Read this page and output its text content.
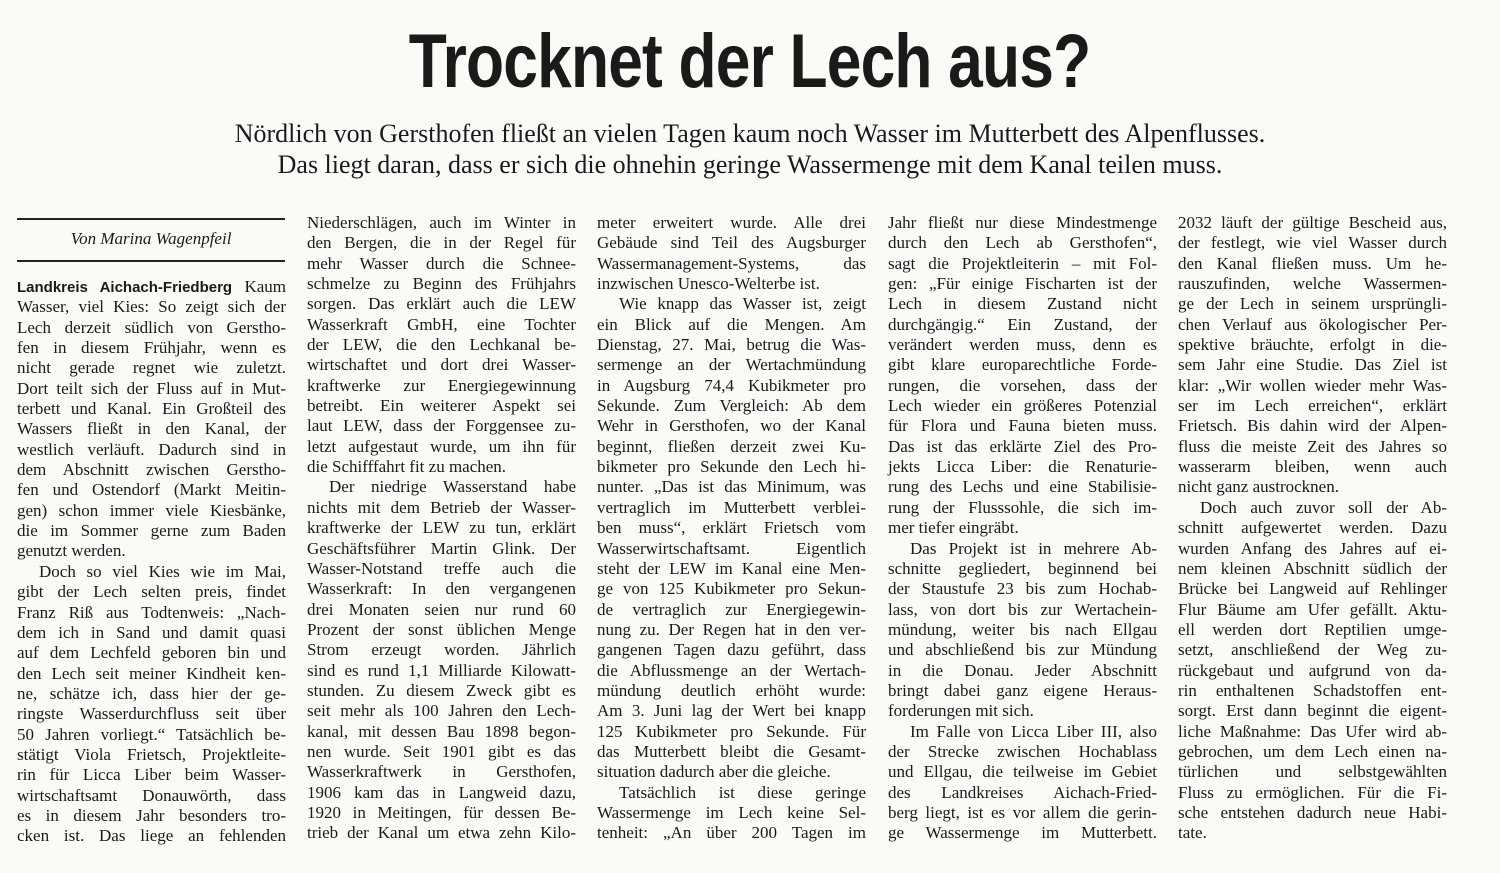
Trocknet der Lech aus?
Nördlich von Gersthofen fließt an vielen Tagen kaum noch Wasser im Mutterbett des Alpenflusses.
Das liegt daran, dass er sich die ohnehin geringe Wassermenge mit dem Kanal teilen muss.
Von Marina Wagenpfeil
Landkreis Aichach-Friedberg Kaum
Wasser, viel Kies: So zeigt sich der
Lech derzeit südlich von Gerstho-
fen in diesem Frühjahr, wenn es
nicht gerade regnet wie zuletzt.
Dort teilt sich der Fluss auf in Mut-
terbett und Kanal. Ein Großteil des
Wassers fließt in den Kanal, der
westlich verläuft. Dadurch sind in
dem Abschnitt zwischen Gerstho-
fen und Ostendorf (Markt Meitin-
gen) schon immer viele Kiesbänke,
die im Sommer gerne zum Baden
genutzt werden.
Doch so viel Kies wie im Mai,
gibt der Lech selten preis, findet
Franz Riß aus Todtenweis: „Nach-
dem ich in Sand und damit quasi
auf dem Lechfeld geboren bin und
den Lech seit meiner Kindheit ken-
ne, schätze ich, dass hier der ge-
ringste Wasserdurchfluss seit über
50 Jahren vorliegt.“ Tatsächlich be-
stätigt Viola Frietsch, Projektleite-
rin für Licca Liber beim Wasser-
wirtschaftsamt Donauwörth, dass
es in diesem Jahr besonders tro-
cken ist. Das liege an fehlenden
Niederschlägen, auch im Winter in
den Bergen, die in der Regel für
mehr Wasser durch die Schnee-
schmelze zu Beginn des Frühjahrs
sorgen. Das erklärt auch die LEW
Wasserkraft GmbH, eine Tochter
der LEW, die den Lechkanal be-
wirtschaftet und dort drei Wasser-
kraftwerke zur Energiegewinnung
betreibt. Ein weiterer Aspekt sei
laut LEW, dass der Forggensee zu-
letzt aufgestaut wurde, um ihn für
die Schifffahrt fit zu machen.
Der niedrige Wasserstand habe
nichts mit dem Betrieb der Wasser-
kraftwerke der LEW zu tun, erklärt
Geschäftsführer Martin Glink. Der
Wasser-Notstand treffe auch die
Wasserkraft: In den vergangenen
drei Monaten seien nur rund 60
Prozent der sonst üblichen Menge
Strom erzeugt worden. Jährlich
sind es rund 1,1 Milliarde Kilowatt-
stunden. Zu diesem Zweck gibt es
seit mehr als 100 Jahren den Lech-
kanal, mit dessen Bau 1898 begon-
nen wurde. Seit 1901 gibt es das
Wasserkraftwerk in Gersthofen,
1906 kam das in Langweid dazu,
1920 in Meitingen, für dessen Be-
trieb der Kanal um etwa zehn Kilo-
meter erweitert wurde. Alle drei
Gebäude sind Teil des Augsburger
Wassermanagement-Systems, das
inzwischen Unesco-Welterbe ist.
Wie knapp das Wasser ist, zeigt
ein Blick auf die Mengen. Am
Dienstag, 27. Mai, betrug die Was-
sermenge an der Wertachmündung
in Augsburg 74,4 Kubikmeter pro
Sekunde. Zum Vergleich: Ab dem
Wehr in Gersthofen, wo der Kanal
beginnt, fließen derzeit zwei Ku-
bikmeter pro Sekunde den Lech hi-
nunter. „Das ist das Minimum, was
vertraglich im Mutterbett verblei-
ben muss“, erklärt Frietsch vom
Wasserwirtschaftsamt. Eigentlich
steht der LEW im Kanal eine Men-
ge von 125 Kubikmeter pro Sekun-
de vertraglich zur Energiegewin-
nung zu. Der Regen hat in den ver-
gangenen Tagen dazu geführt, dass
die Abflussmenge an der Wertach-
mündung deutlich erhöht wurde:
Am 3. Juni lag der Wert bei knapp
125 Kubikmeter pro Sekunde. Für
das Mutterbett bleibt die Gesamt-
situation dadurch aber die gleiche.
Tatsächlich ist diese geringe
Wassermenge im Lech keine Sel-
tenheit: „An über 200 Tagen im
Jahr fließt nur diese Mindestmenge
durch den Lech ab Gersthofen“,
sagt die Projektleiterin – mit Fol-
gen: „Für einige Fischarten ist der
Lech in diesem Zustand nicht
durchgängig.“ Ein Zustand, der
verändert werden muss, denn es
gibt klare europarechtliche Forde-
rungen, die vorsehen, dass der
Lech wieder ein größeres Potenzial
für Flora und Fauna bieten muss.
Das ist das erklärte Ziel des Pro-
jekts Licca Liber: die Renaturie-
rung des Lechs und eine Stabilisie-
rung der Flusssohle, die sich im-
mer tiefer eingräbt.
Das Projekt ist in mehrere Ab-
schnitte gegliedert, beginnend bei
der Staustufe 23 bis zum Hochab-
lass, von dort bis zur Wertachein-
mündung, weiter bis nach Ellgau
und abschließend bis zur Mündung
in die Donau. Jeder Abschnitt
bringt dabei ganz eigene Heraus-
forderungen mit sich.
Im Falle von Licca Liber III, also
der Strecke zwischen Hochablass
und Ellgau, die teilweise im Gebiet
des Landkreises Aichach-Fried-
berg liegt, ist es vor allem die gerin-
ge Wassermenge im Mutterbett.
2032 läuft der gültige Bescheid aus,
der festlegt, wie viel Wasser durch
den Kanal fließen muss. Um he-
rauszufinden, welche Wassermen-
ge der Lech in seinem ursprüngli-
chen Verlauf aus ökologischer Per-
spektive bräuchte, erfolgt in die-
sem Jahr eine Studie. Das Ziel ist
klar: „Wir wollen wieder mehr Was-
ser im Lech erreichen“, erklärt
Frietsch. Bis dahin wird der Alpen-
fluss die meiste Zeit des Jahres so
wasserarm bleiben, wenn auch
nicht ganz austrocknen.
Doch auch zuvor soll der Ab-
schnitt aufgewertet werden. Dazu
wurden Anfang des Jahres auf ei-
nem kleinen Abschnitt südlich der
Brücke bei Langweid auf Rehlinger
Flur Bäume am Ufer gefällt. Aktu-
ell werden dort Reptilien umge-
setzt, anschließend der Weg zu-
rückgebaut und aufgrund von da-
rin enthaltenen Schadstoffen ent-
sorgt. Erst dann beginnt die eigent-
liche Maßnahme: Das Ufer wird ab-
gebrochen, um dem Lech einen na-
türlichen und selbstgewählten
Fluss zu ermöglichen. Für die Fi-
sche entstehen dadurch neue Habi-
tate.
